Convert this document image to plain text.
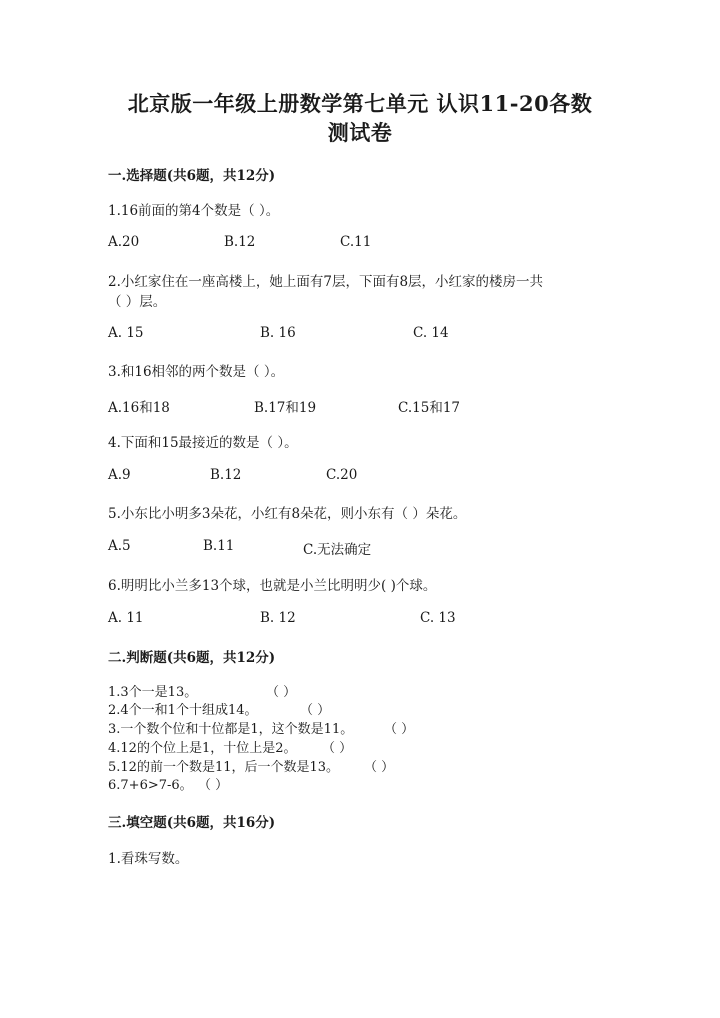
北京版一年级上册数学第七单元 认识11-20各数
测试卷
一.选择题(共6题，共12分)
1.16前面的第4个数是（ ）。
A.20	B.12	C.11
2.小红家住在一座高楼上，她上面有7层，下面有8层，小红家的楼房一共
（ ）层。
A. 15	B. 16	C. 14
3.和16相邻的两个数是（ ）。
A.16和18	B.17和19	C.15和17
4.下面和15最接近的数是（ ）。
A.9	B.12	C.20
5.小东比小明多3朵花，小红有8朵花，则小东有（ ）朵花。
A.5	B.11	C.无法确定
6.明明比小兰多13个球，也就是小兰比明明少( )个球。
A. 11	B. 12	C. 13
二.判断题(共6题，共12分)
1.3个一是13。	（ ）
2.4个一和1个十组成14。	（ ）
3.一个数个位和十位都是1，这个数是11。 （ ）
4.12的个位上是1，十位上是2。 （ ）
5.12的前一个数是11，后一个数是13。 （ ）
6.7+6>7-6。 （ ）
三.填空题(共6题，共16分)
1.看珠写数。
